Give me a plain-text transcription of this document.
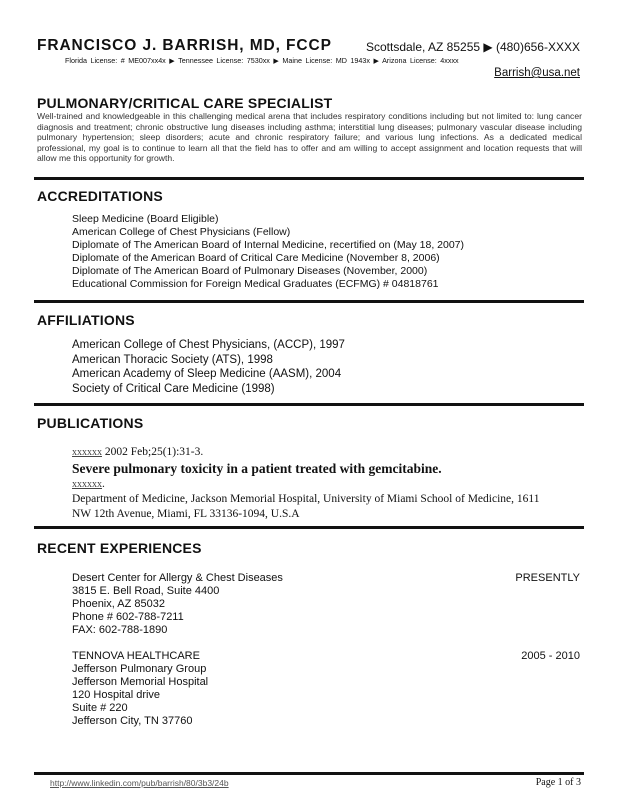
FRANCISCO J. BARRISH, MD, FCCP	Scottsdale, AZ 85255 ▶ (480)656-XXXX
Florida License: # ME007xx4x ▶ Tennessee License: 7530xx ▶ Maine License: MD 1943x ▶ Arizona License: 4xxxx
Barrish@usa.net
PULMONARY/CRITICAL CARE SPECIALIST

Well-trained and knowledgeable in this challenging medical arena that includes respiratory conditions including but not limited to: lung cancer diagnosis and treatment; chronic obstructive lung diseases including asthma; interstitial lung diseases; pulmonary vascular disease including pulmonary hypertension; sleep disorders; acute and chronic respiratory failure; and various lung infections. As a dedicated medical professional, my goal is to continue to learn all that the field has to offer and am willing to accept assignment and location requests that will allow me this opportunity for growth.

ACCREDITATIONS
Sleep Medicine (Board Eligible)
American College of Chest Physicians (Fellow)
Diplomate of The American Board of Internal Medicine, recertified on (May 18, 2007)
Diplomate of the American Board of Critical Care Medicine (November 8, 2006)
Diplomate of The American Board of Pulmonary Diseases (November, 2000)
Educational Commission for Foreign Medical Graduates (ECFMG) # 04818761
AFFILIATIONS
American College of Chest Physicians, (ACCP), 1997
American Thoracic Society (ATS), 1998
American Academy of Sleep Medicine (AASM), 2004
Society of Critical Care Medicine (1998)
PUBLICATIONS
xxxxxx 2002 Feb;25(1):31-3.
Severe pulmonary toxicity in a patient treated with gemcitabine.
xxxxxx.
Department of Medicine, Jackson Memorial Hospital, University of Miami School of Medicine, 1611
NW 12th Avenue, Miami, FL 33136-1094, U.S.A
RECENT EXPERIENCES
PRESENTLY
Desert Center for Allergy & Chest Diseases
3815 E. Bell Road, Suite 4400
Phoenix, AZ 85032
Phone # 602-788-7211
FAX: 602-788-1890
2005 - 2010
TENNOVA HEALTHCARE
Jefferson Pulmonary Group
Jefferson Memorial Hospital
120 Hospital drive
Suite # 220
Jefferson City, TN 37760
http://www.linkedin.com/pub/barrish/80/3b3/24b	Page 1 of 3
